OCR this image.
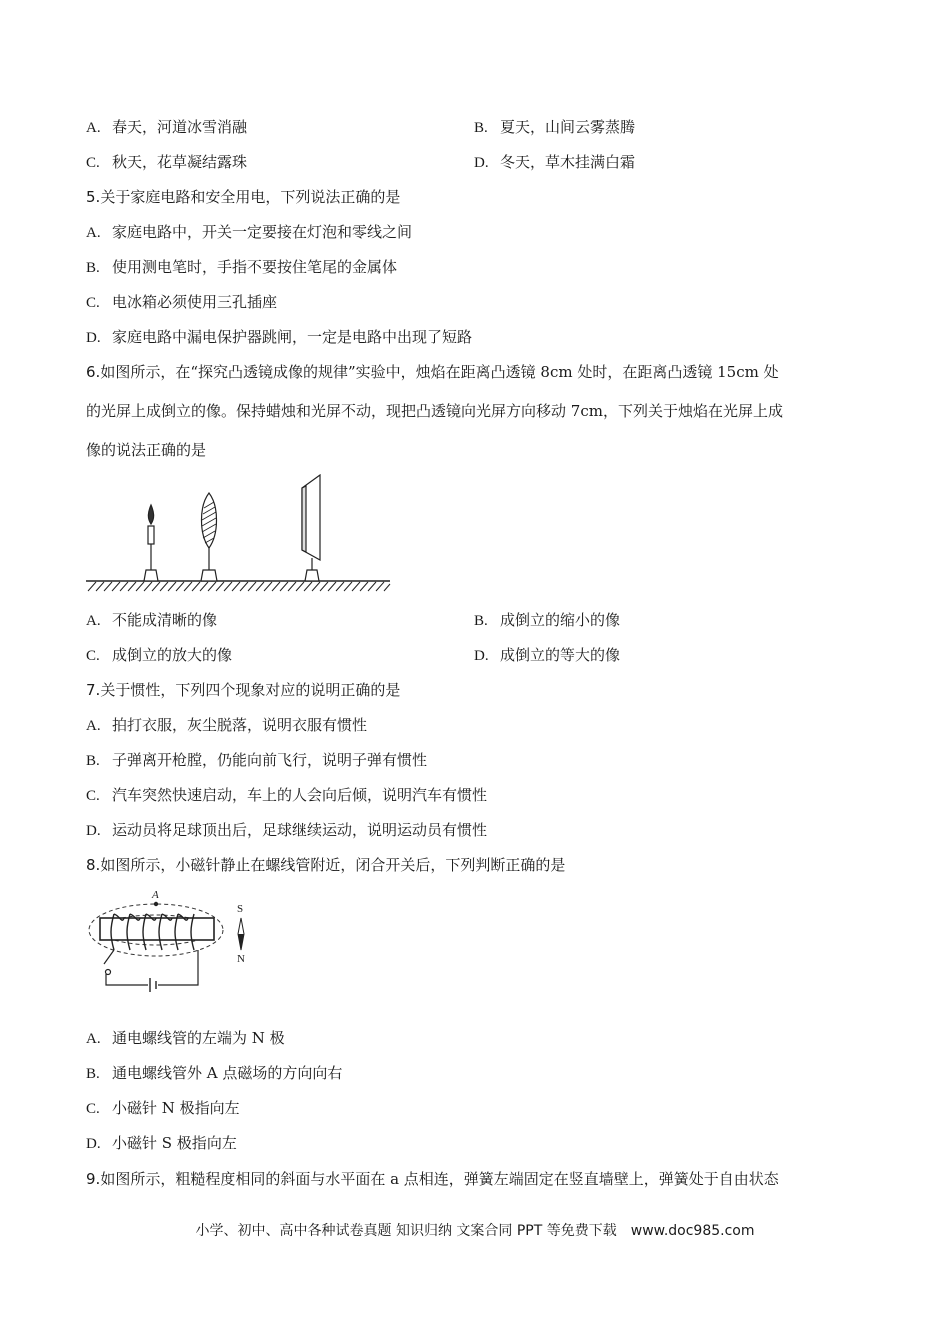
A. 春天，河道冰雪消融	B. 夏天，山间云雾蒸腾
C. 秋天，花草凝结露珠	D. 冬天，草木挂满白霜
5.关于家庭电路和安全用电，下列说法正确的是
A. 家庭电路中，开关一定要接在灯泡和零线之间
B. 使用测电笔时，手指不要按住笔尾的金属体
C. 电冰箱必须使用三孔插座
D. 家庭电路中漏电保护器跳闸，一定是电路中出现了短路
6.如图所示，在“探究凸透镜成像的规律”实验中，烛焰在距离凸透镜 8cm 处时，在距离凸透镜 15cm 处
的光屏上成倒立的像。保持蜡烛和光屏不动，现把凸透镜向光屏方向移动 7cm，下列关于烛焰在光屏上成
像的说法正确的是
A. 不能成清晰的像	B. 成倒立的缩小的像
C. 成倒立的放大的像	D. 成倒立的等大的像
7.关于惯性，下列四个现象对应的说明正确的是
A. 拍打衣服，灰尘脱落，说明衣服有惯性
B. 子弹离开枪膛，仍能向前飞行，说明子弹有惯性
C. 汽车突然快速启动，车上的人会向后倾，说明汽车有惯性
D. 运动员将足球顶出后，足球继续运动，说明运动员有惯性
8.如图所示，小磁针静止在螺线管附近，闭合开关后，下列判断正确的是
A
S
N
A. 通电螺线管的左端为 N 极
B. 通电螺线管外 A 点磁场的方向向右
C. 小磁针 N 极指向左
D. 小磁针 S 极指向左
9.如图所示，粗糙程度相同的斜面与水平面在 a 点相连，弹簧左端固定在竖直墙壁上，弹簧处于自由状态
小学、初中、高中各种试卷真题 知识归纳 文案合同 PPT 等免费下载 www.doc985.com
